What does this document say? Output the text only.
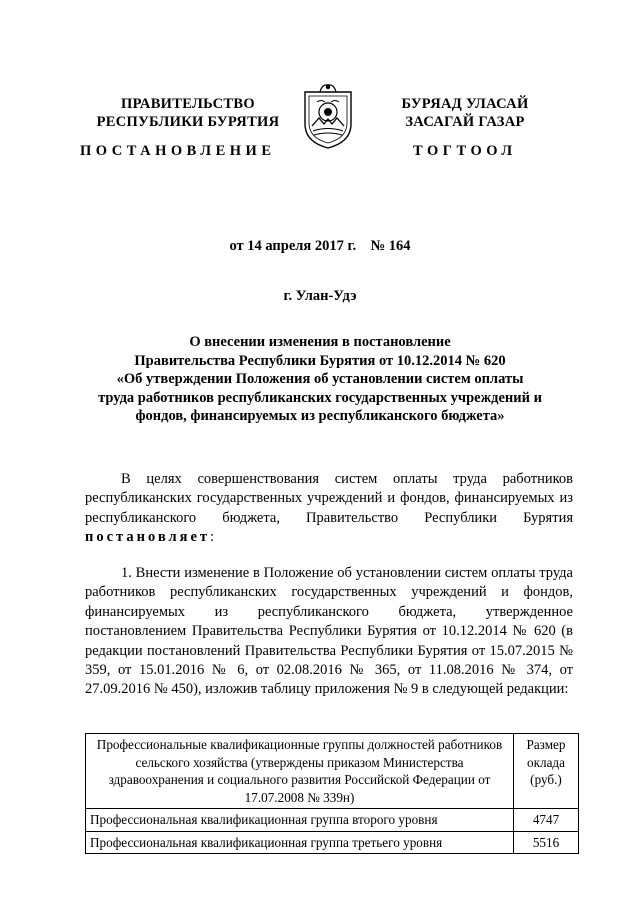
ПРАВИТЕЛЬСТВО
РЕСПУБЛИКИ БУРЯТИЯ
БУРЯАД УЛАСАЙ
ЗАСАГАЙ ГАЗАР
ПОСТАНОВЛЕНИЕ	ТОГТООЛ
от 14 апреля 2017 г.    № 164
г. Улан-Удэ
О внесении изменения в постановление
Правительства Республики Бурятия от 10.12.2014 № 620
«Об утверждении Положения об установлении систем оплаты
труда работников республиканских государственных учреждений и
фондов, финансируемых из республиканского бюджета»
В целях совершенствования систем оплаты труда работников республиканских государственных учреждений и фондов, финансируемых из республиканского бюджета, Правительство Республики Бурятия постановляет:
1. Внести изменение в Положение об установлении систем оплаты труда работников республиканских государственных учреждений и фондов, финансируемых из республиканского бюджета, утвержденное постановлением Правительства Республики Бурятия от 10.12.2014 № 620 (в редакции постановлений Правительства Республики Бурятия от 15.07.2015 № 359, от 15.01.2016 № 6, от 02.08.2016 № 365, от 11.08.2016 № 374, от 27.09.2016 № 450), изложив таблицу приложения № 9 в следующей редакции:
Профессиональные квалификационные группы должностей работников сельского хозяйства (утверждены приказом Министерства здравоохранения и социального развития Российской Федерации от 17.07.2008 № 339н)	Размер оклада (руб.)
Профессиональная квалификационная группа второго уровня	4747
Профессиональная квалификационная группа третьего уровня	5516
